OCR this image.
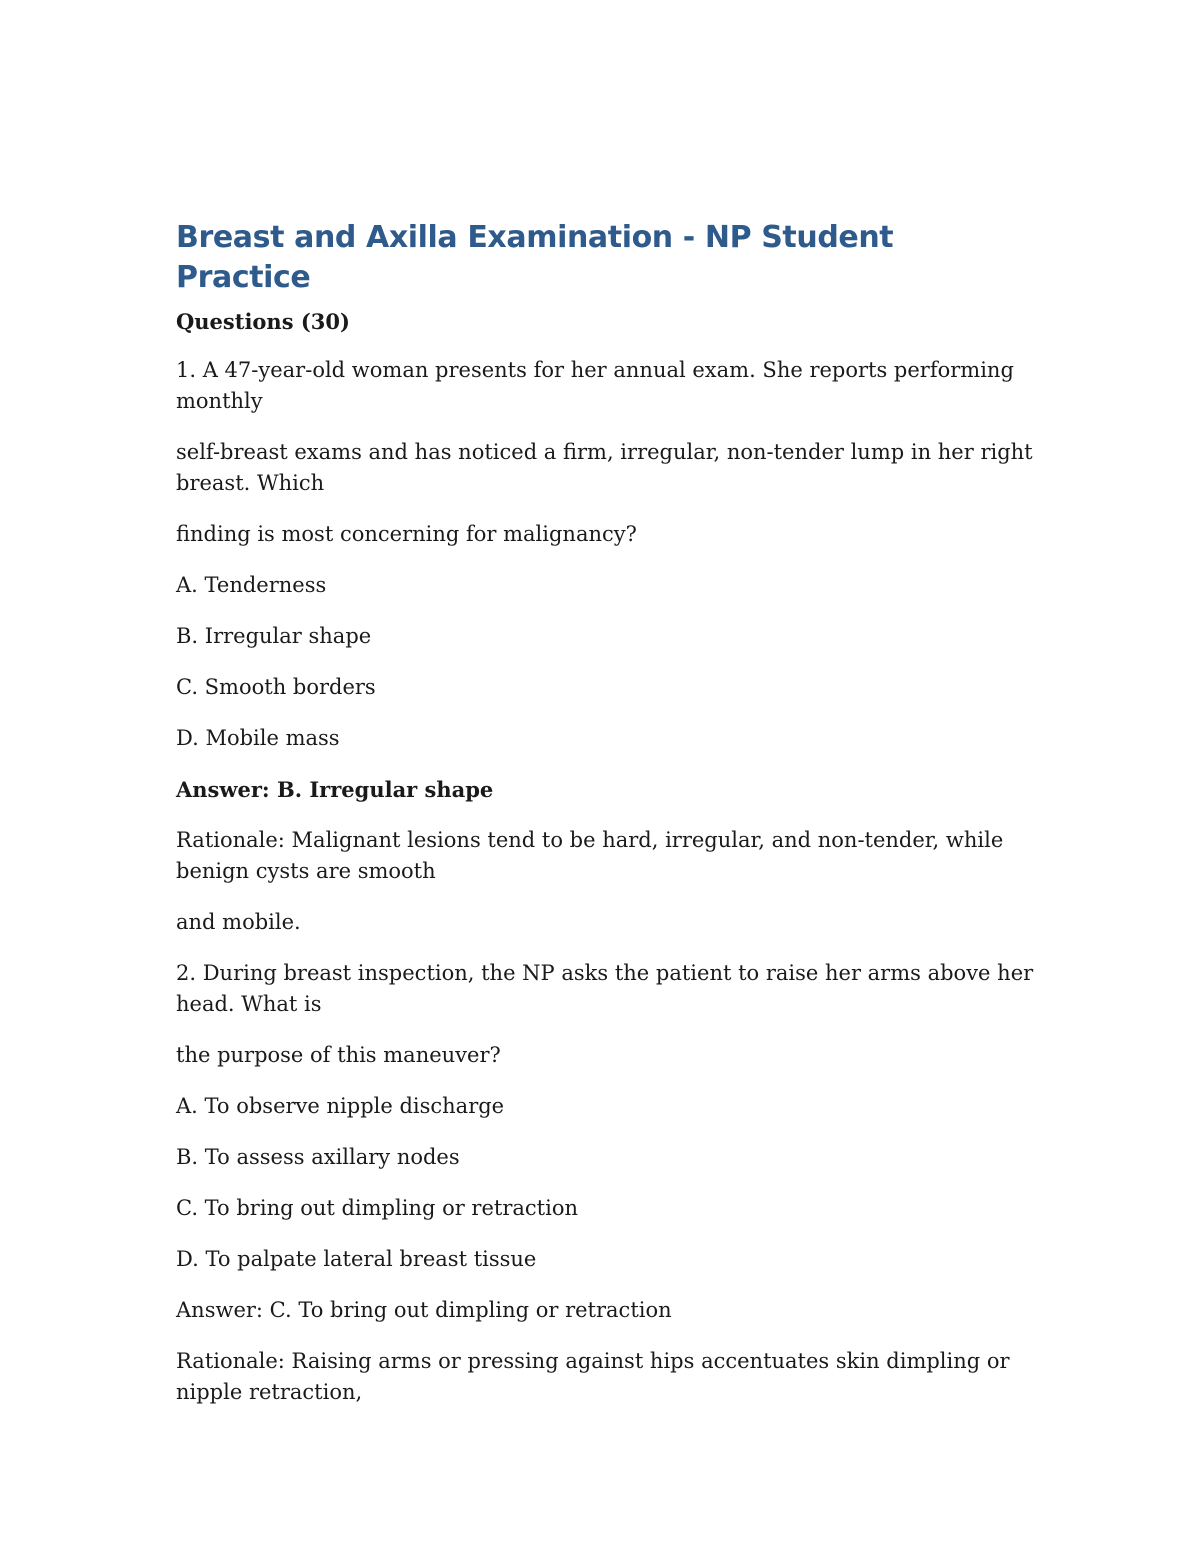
Breast and Axilla Examination - NP Student Practice

Questions (30)

1. A 47-year-old woman presents for her annual exam. She reports performing monthly

self-breast exams and has noticed a firm, irregular, non-tender lump in her right breast. Which

finding is most concerning for malignancy?

A. Tenderness

B. Irregular shape

C. Smooth borders

D. Mobile mass

Answer: B. Irregular shape

Rationale: Malignant lesions tend to be hard, irregular, and non-tender, while benign cysts are smooth

and mobile.

2. During breast inspection, the NP asks the patient to raise her arms above her head. What is

the purpose of this maneuver?

A. To observe nipple discharge

B. To assess axillary nodes

C. To bring out dimpling or retraction

D. To palpate lateral breast tissue

Answer: C. To bring out dimpling or retraction

Rationale: Raising arms or pressing against hips accentuates skin dimpling or nipple retraction,
